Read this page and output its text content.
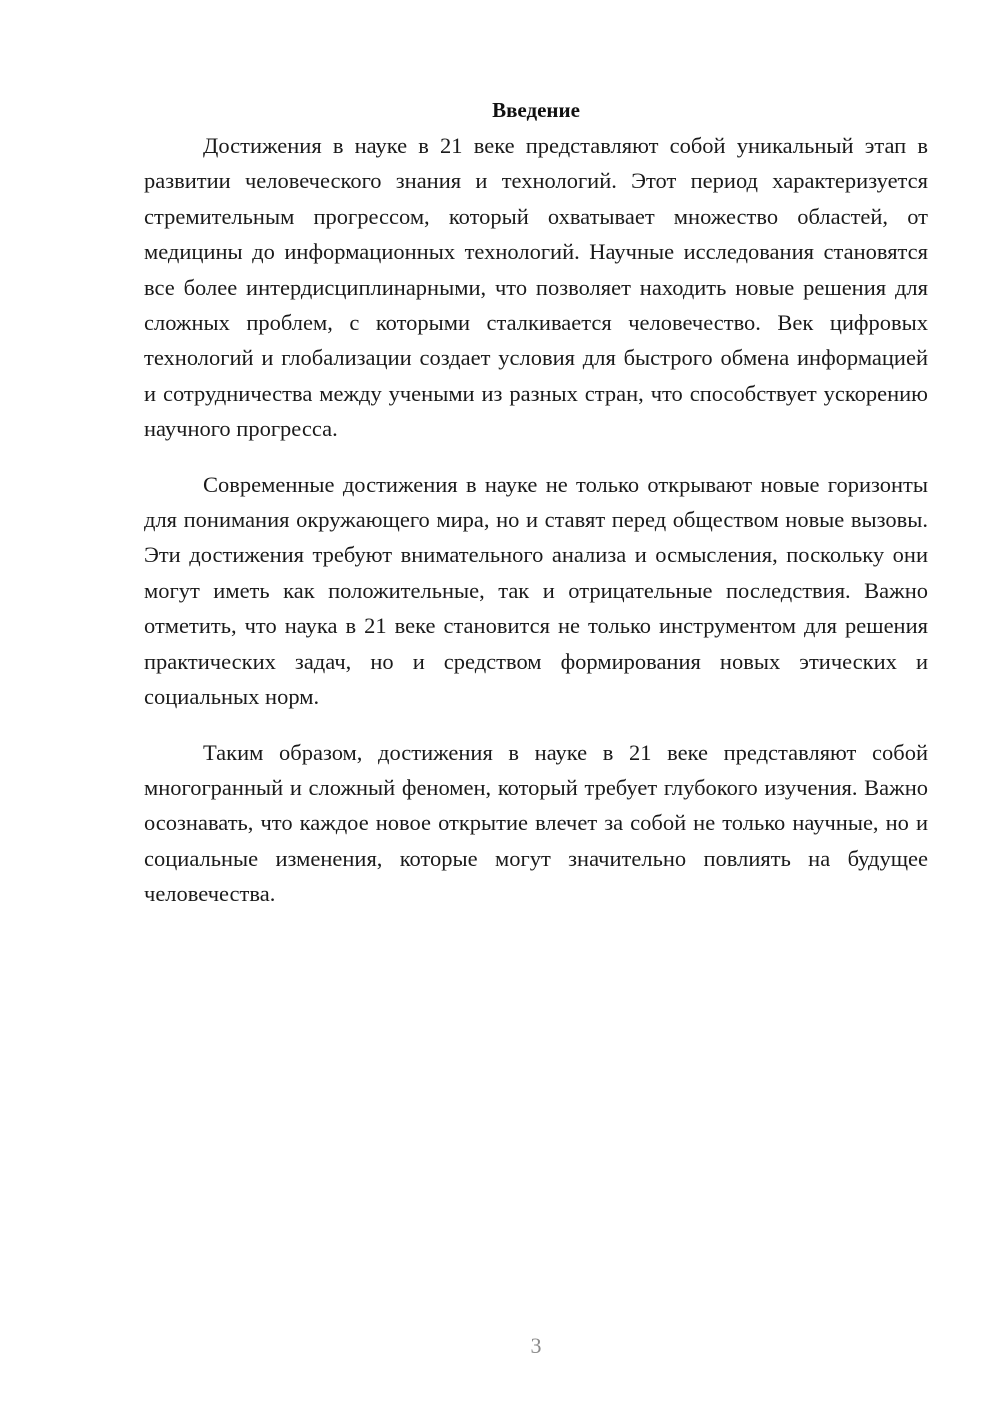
Введение

Достижения в науке в 21 веке представляют собой уникальный этап в развитии человеческого знания и технологий. Этот период характеризуется стремительным прогрессом, который охватывает множество областей, от медицины до информационных технологий. Научные исследования становятся все более интердисциплинарными, что позволяет находить новые решения для сложных проблем, с которыми сталкивается человечество. Век цифровых технологий и глобализации создает условия для быстрого обмена информацией и сотрудничества между учеными из разных стран, что способствует ускорению научного прогресса.

Современные достижения в науке не только открывают новые горизонты для понимания окружающего мира, но и ставят перед обществом новые вызовы. Эти достижения требуют внимательного анализа и осмысления, поскольку они могут иметь как положительные, так и отрицательные последствия. Важно отметить, что наука в 21 веке становится не только инструментом для решения практических задач, но и средством формирования новых этических и социальных норм.

Таким образом, достижения в науке в 21 веке представляют собой многогранный и сложный феномен, который требует глубокого изучения. Важно осознавать, что каждое новое открытие влечет за собой не только научные, но и социальные изменения, которые могут значительно повлиять на будущее человечества.

3
